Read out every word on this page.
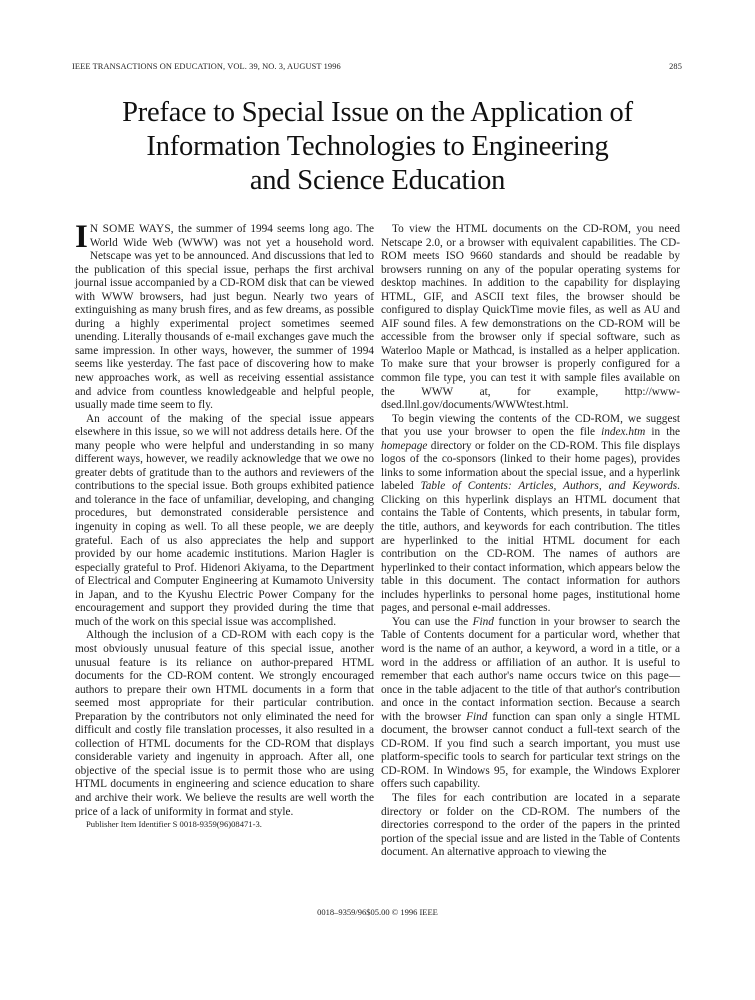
IEEE TRANSACTIONS ON EDUCATION, VOL. 39, NO. 3, AUGUST 1996	285
Preface to Special Issue on the Application of
Information Technologies to Engineering
and Science Education

I N SOME WAYS, the summer of 1994 seems long ago. The World Wide Web (WWW) was not yet a household word. Netscape was yet to be announced. And discussions that led to the publication of this special issue, perhaps the first archival journal issue accompanied by a CD-ROM disk that can be viewed with WWW browsers, had just begun. Nearly two years of extinguishing as many brush fires, and as few dreams, as possible during a highly experimental project sometimes seemed unending. Literally thousands of e-mail exchanges gave much the same impression. In other ways, however, the summer of 1994 seems like yesterday. The fast pace of discovering how to make new approaches work, as well as receiving essential assistance and advice from countless knowledgeable and helpful people, usually made time seem to fly.

An account of the making of the special issue appears elsewhere in this issue, so we will not address details here. Of the many people who were helpful and understanding in so many different ways, however, we readily acknowledge that we owe no greater debts of gratitude than to the authors and reviewers of the contributions to the special issue. Both groups exhibited patience and tolerance in the face of unfamiliar, developing, and changing procedures, but demonstrated considerable persistence and ingenuity in coping as well. To all these people, we are deeply grateful. Each of us also appreciates the help and support provided by our home academic institutions. Marion Hagler is especially grateful to Prof. Hidenori Akiyama, to the Department of Electrical and Computer Engineering at Kumamoto University in Japan, and to the Kyushu Electric Power Company for the encouragement and support they provided during the time that much of the work on this special issue was accomplished.

Although the inclusion of a CD-ROM with each copy is the most obviously unusual feature of this special issue, another unusual feature is its reliance on author-prepared HTML documents for the CD-ROM content. We strongly encouraged authors to prepare their own HTML documents in a form that seemed most appropriate for their particular contribution. Preparation by the contributors not only eliminated the need for difficult and costly file translation processes, it also resulted in a collection of HTML documents for the CD-ROM that displays considerable variety and ingenuity in approach. After all, one objective of the special issue is to permit those who are using HTML documents in engineering and science education to share and archive their work. We believe the results are well worth the price of a lack of uniformity in format and style.

Publisher Item Identifier S 0018-9359(96)08471-3.

To view the HTML documents on the CD-ROM, you need Netscape 2.0, or a browser with equivalent capabilities. The CD-ROM meets ISO 9660 standards and should be readable by browsers running on any of the popular operating systems for desktop machines. In addition to the capability for displaying HTML, GIF, and ASCII text files, the browser should be configured to display QuickTime movie files, as well as AU and AIF sound files. A few demonstrations on the CD-ROM will be accessible from the browser only if special software, such as Waterloo Maple or Mathcad, is installed as a helper application. To make sure that your browser is properly configured for a common file type, you can test it with sample files available on the WWW at, for example, http://www-dsed.llnl.gov/documents/WWWtest.html.

To begin viewing the contents of the CD-ROM, we suggest that you use your browser to open the file index.htm in the homepage directory or folder on the CD-ROM. This file displays logos of the co-sponsors (linked to their home pages), provides links to some information about the special issue, and a hyperlink labeled Table of Contents: Articles, Authors, and Keywords. Clicking on this hyperlink displays an HTML document that contains the Table of Contents, which presents, in tabular form, the title, authors, and keywords for each contribution. The titles are hyperlinked to the initial HTML document for each contribution on the CD-ROM. The names of authors are hyperlinked to their contact information, which appears below the table in this document. The contact information for authors includes hyperlinks to personal home pages, institutional home pages, and personal e-mail addresses.

You can use the Find function in your browser to search the Table of Contents document for a particular word, whether that word is the name of an author, a keyword, a word in a title, or a word in the address or affiliation of an author. It is useful to remember that each author's name occurs twice on this page—once in the table adjacent to the title of that author's contribution and once in the contact information section. Because a search with the browser Find function can span only a single HTML document, the browser cannot conduct a full-text search of the CD-ROM. If you find such a search important, you must use platform-specific tools to search for particular text strings on the CD-ROM. In Windows 95, for example, the Windows Explorer offers such capability.

The files for each contribution are located in a separate directory or folder on the CD-ROM. The numbers of the directories correspond to the order of the papers in the printed portion of the special issue and are listed in the Table of Contents document. An alternative approach to viewing the

0018–9359/96$05.00 © 1996 IEEE
